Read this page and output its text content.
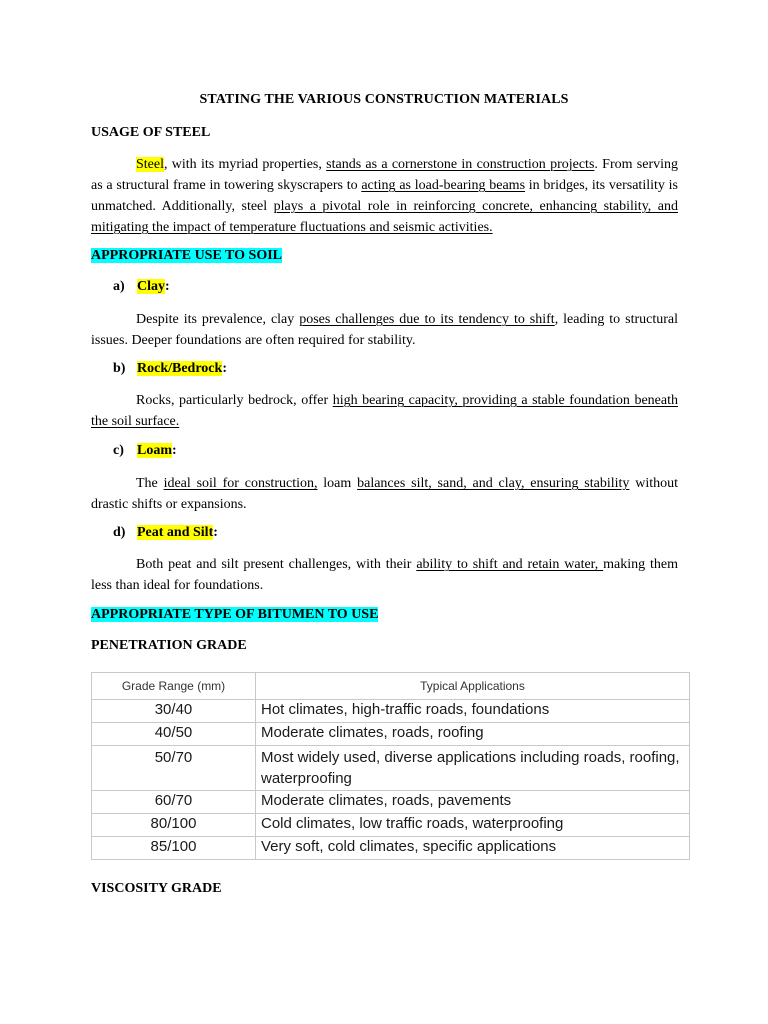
STATING THE VARIOUS CONSTRUCTION MATERIALS
USAGE OF STEEL

Steel, with its myriad properties, stands as a cornerstone in construction projects. From serving as a structural frame in towering skyscrapers to acting as load-bearing beams in bridges, its versatility is unmatched. Additionally, steel plays a pivotal role in reinforcing concrete, enhancing stability, and mitigating the impact of temperature fluctuations and seismic activities.

APPROPRIATE USE TO SOIL
a) Clay:

Despite its prevalence, clay poses challenges due to its tendency to shift, leading to structural issues. Deeper foundations are often required for stability.

b) Rock/Bedrock:

Rocks, particularly bedrock, offer high bearing capacity, providing a stable foundation beneath the soil surface.

c) Loam:

The ideal soil for construction, loam balances silt, sand, and clay, ensuring stability without drastic shifts or expansions.

d) Peat and Silt:

Both peat and silt present challenges, with their ability to shift and retain water, making them less than ideal for foundations.

APPROPRIATE TYPE OF BITUMEN TO USE
PENETRATION GRADE
Grade Range (mm)	Typical Applications
30/40	Hot climates, high-traffic roads, foundations
40/50	Moderate climates, roads, roofing
50/70	Most widely used, diverse applications including roads, roofing, waterproofing
60/70	Moderate climates, roads, pavements
80/100	Cold climates, low traffic roads, waterproofing
85/100	Very soft, cold climates, specific applications
VISCOSITY GRADE
